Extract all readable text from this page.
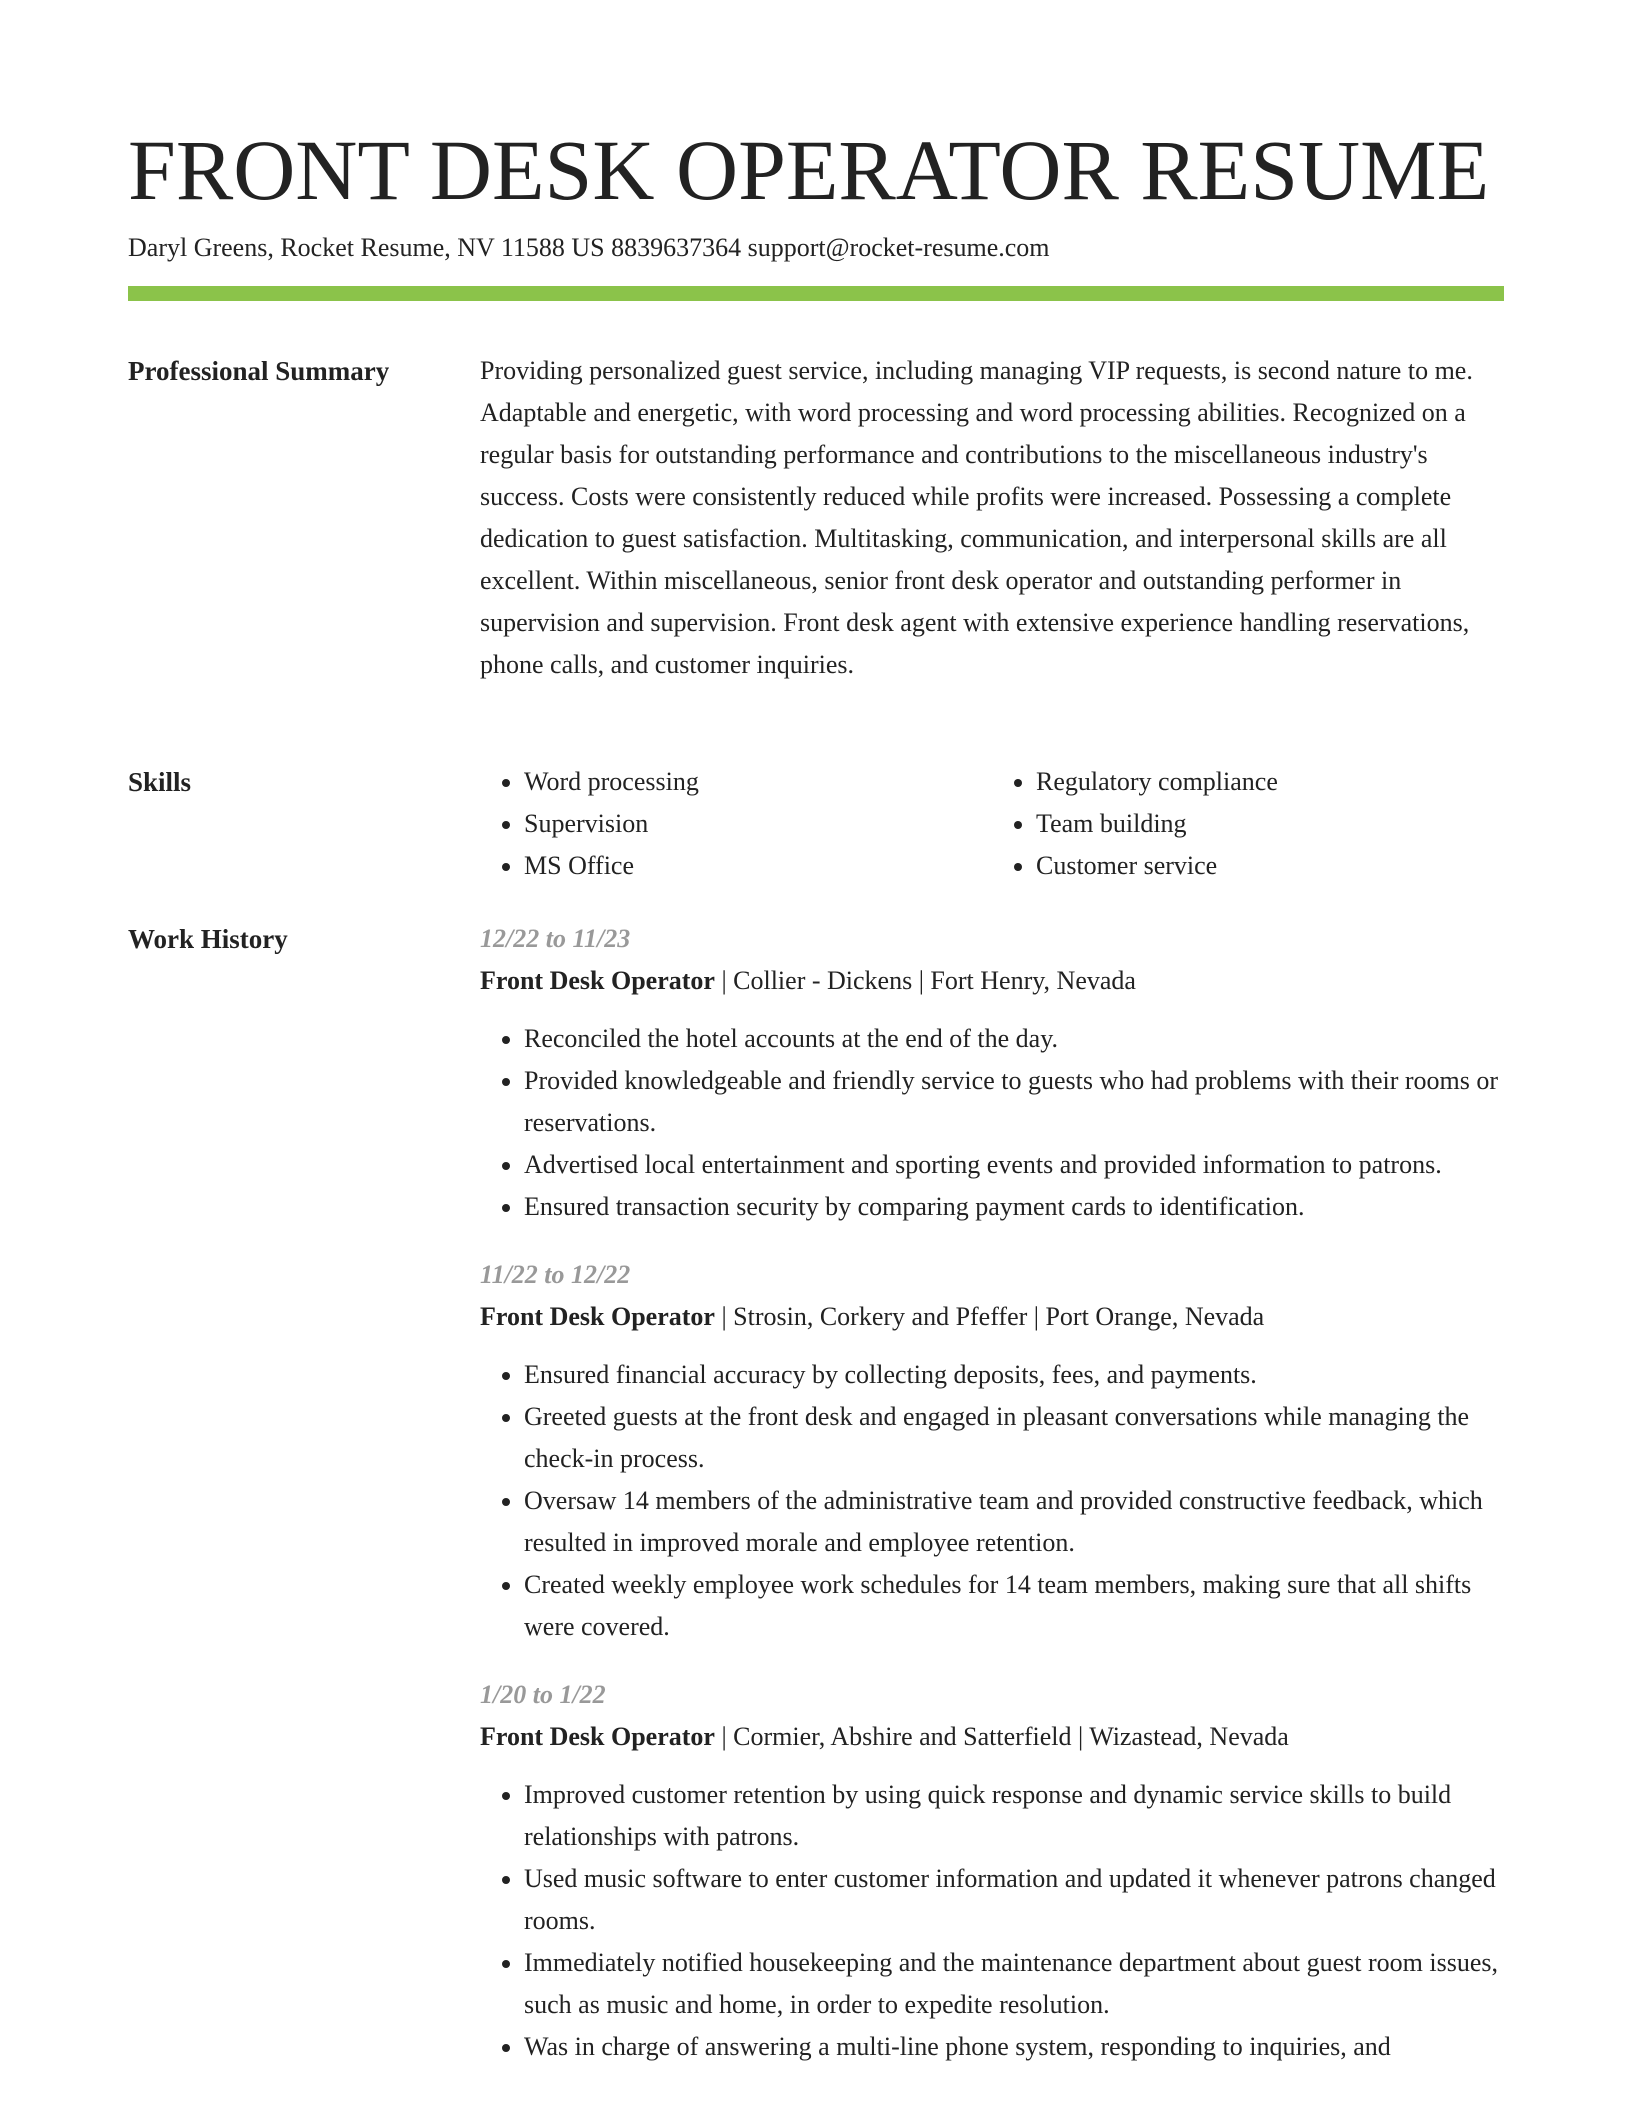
FRONT DESK OPERATOR RESUME
Daryl Greens, Rocket Resume, NV 11588 US 8839637364 support@rocket-resume.com
Professional Summary	Providing personalized guest service, including managing VIP requests, is second nature to me. Adaptable and energetic, with word processing and word processing abilities. Recognized on a regular basis for outstanding performance and contributions to the miscellaneous industry's success. Costs were consistently reduced while profits were increased. Possessing a complete dedication to guest satisfaction. Multitasking, communication, and interpersonal skills are all excellent. Within miscellaneous, senior front desk operator and outstanding performer in supervision and supervision. Front desk agent with extensive experience handling reservations, phone calls, and customer inquiries.

Skills
•	Word processing
• Supervision
• MS Office
• Regulatory compliance
• Team building
• Customer service
Work History	12/22 to 11/23
Front Desk Operator | Collier - Dickens | Fort Henry, Nevada
• Reconciled the hotel accounts at the end of the day.
• Provided knowledgeable and friendly service to guests who had problems with their rooms or reservations.
• Advertised local entertainment and sporting events and provided information to patrons.
• Ensured transaction security by comparing payment cards to identification.
11/22 to 12/22
Front Desk Operator | Strosin, Corkery and Pfeffer | Port Orange, Nevada
• Ensured financial accuracy by collecting deposits, fees, and payments.
• Greeted guests at the front desk and engaged in pleasant conversations while managing the check-in process.
• Oversaw 14 members of the administrative team and provided constructive feedback, which resulted in improved morale and employee retention.
• Created weekly employee work schedules for 14 team members, making sure that all shifts were covered.
1/20 to 1/22
Front Desk Operator | Cormier, Abshire and Satterfield | Wizastead, Nevada
• Improved customer retention by using quick response and dynamic service skills to build relationships with patrons.
• Used music software to enter customer information and updated it whenever patrons changed rooms.
• Immediately notified housekeeping and the maintenance department about guest room issues, such as music and home, in order to expedite resolution.
• Was in charge of answering a multi-line phone system, responding to inquiries, and
